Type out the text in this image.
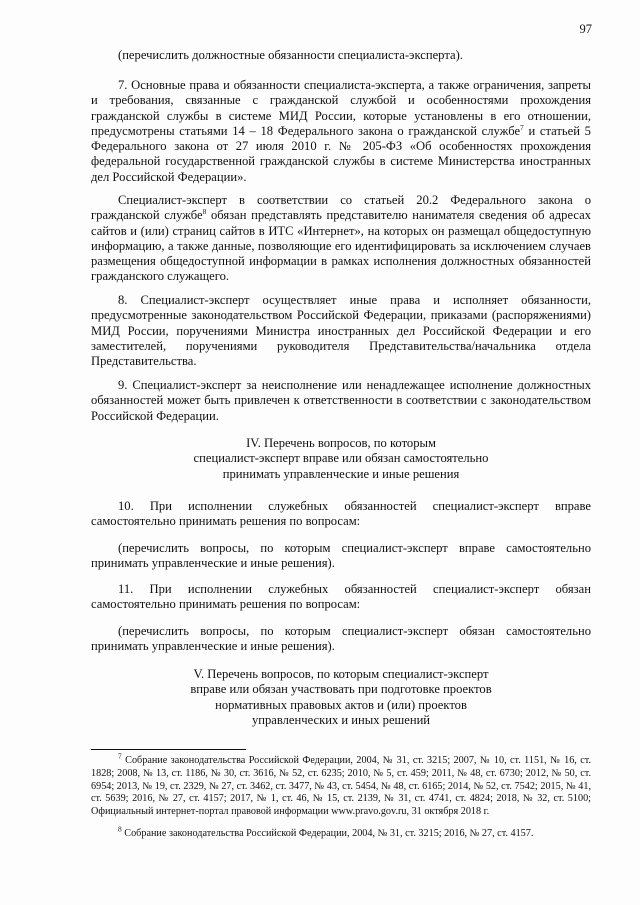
97

(перечислить должностные обязанности специалиста-эксперта).

7. Основные права и обязанности специалиста-эксперта, а также ограничения, запреты и требования, связанные с гражданской службой и особенностями прохождения гражданской службы в системе МИД России, которые установлены в его отношении, предусмотрены статьями 14 – 18 Федерального закона о гражданской службе$^7$ и статьей 5 Федерального закона от 27 июля 2010 г. № 205-ФЗ «Об особенностях прохождения федеральной государственной гражданской службы в системе Министерства иностранных дел Российской Федерации».

Специалист-эксперт в соответствии со статьей 20.2 Федерального закона о гражданской службе$^8$ обязан представлять представителю нанимателя сведения об адресах сайтов и (или) страниц сайтов в ИТС «Интернет», на которых он размещал общедоступную информацию, а также данные, позволяющие его идентифицировать за исключением случаев размещения общедоступной информации в рамках исполнения должностных обязанностей гражданского служащего.

8. Специалист-эксперт осуществляет иные права и исполняет обязанности, предусмотренные законодательством Российской Федерации, приказами (распоряжениями) МИД России, поручениями Министра иностранных дел Российской Федерации и его заместителей, поручениями руководителя Представительства/начальника отдела Представительства.

9. Специалист-эксперт за неисполнение или ненадлежащее исполнение должностных обязанностей может быть привлечен к ответственности в соответствии с законодательством Российской Федерации.

IV. Перечень вопросов, по которым

специалист-эксперт вправе или обязан самостоятельно

принимать управленческие и иные решения

10. При исполнении служебных обязанностей специалист-эксперт вправе самостоятельно принимать решения по вопросам:

(перечислить вопросы, по которым специалист-эксперт вправе самостоятельно принимать управленческие и иные решения).

11. При исполнении служебных обязанностей специалист-эксперт обязан самостоятельно принимать решения по вопросам:

(перечислить вопросы, по которым специалист-эксперт обязан самостоятельно принимать управленческие и иные решения).

V. Перечень вопросов, по которым специалист-эксперт

вправе или обязан участвовать при подготовке проектов

нормативных правовых актов и (или) проектов

управленческих и иных решений

$^7$ Собрание законодательства Российской Федерации, 2004, № 31, ст. 3215; 2007, № 10, ст. 1151, № 16, ст. 1828; 2008, № 13, ст. 1186, № 30, ст. 3616, № 52, ст. 6235; 2010, № 5, ст. 459; 2011, № 48, ст. 6730; 2012, № 50, ст. 6954; 2013, № 19, ст. 2329, № 27, ст. 3462, ст. 3477, № 43, ст. 5454, № 48, ст. 6165; 2014, № 52, ст. 7542; 2015, № 41, ст. 5639; 2016, № 27, ст. 4157; 2017, № 1, ст. 46, № 15, ст. 2139, № 31, ст. 4741, ст. 4824; 2018, № 32, ст. 5100; Официальный интернет-портал правовой информации www.pravo.gov.ru, 31 октября 2018 г.

$^8$ Собрание законодательства Российской Федерации, 2004, № 31, ст. 3215; 2016, № 27, ст. 4157.
